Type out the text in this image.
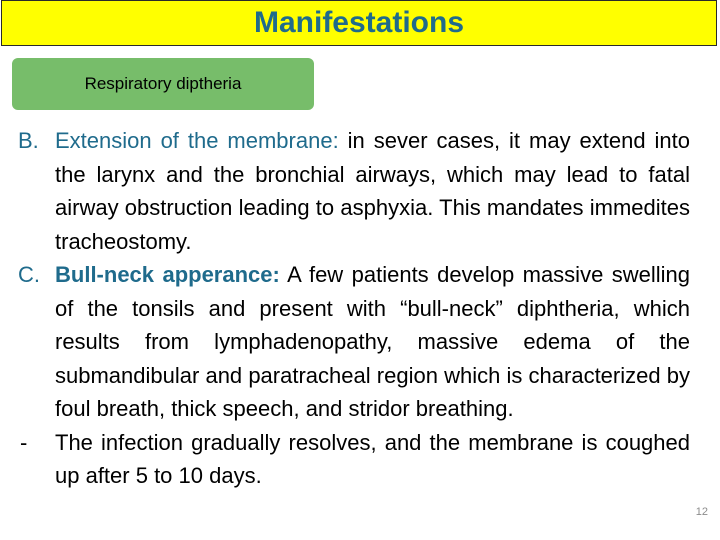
Manifestations
Respiratory diptheria
B. Extension of the membrane: in sever cases, it may extend into the larynx and the bronchial airways, which may lead to fatal airway obstruction leading to asphyxia. This mandates immedites tracheostomy.
C. Bull-neck apperance: A few patients develop massive swelling of the tonsils and present with “bull-neck” diphtheria, which results from lymphadenopathy, massive edema of the submandibular and paratracheal region which is characterized by foul breath, thick speech, and stridor breathing.
- The infection gradually resolves, and the membrane is coughed up after 5 to 10 days.
12
